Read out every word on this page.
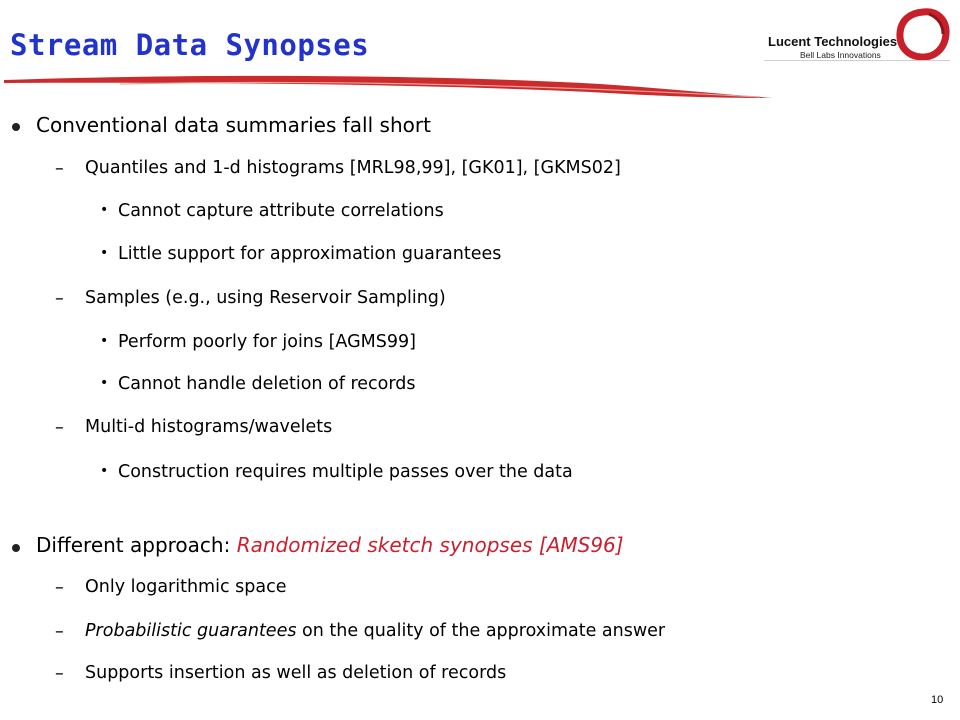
Stream Data Synopses	Lucent Technologies
Bell Labs Innovations
Conventional data summaries fall short
– Quantiles and 1-d histograms [MRL98,99], [GK01], [GKMS02]
• Cannot capture attribute correlations
• Little support for approximation guarantees
– Samples (e.g., using Reservoir Sampling)
• Perform poorly for joins [AGMS99]
• Cannot handle deletion of records
– Multi-d histograms/wavelets
• Construction requires multiple passes over the data
Different approach: Randomized sketch synopses [AMS96]
– Only logarithmic space
– Probabilistic guarantees on the quality of the approximate answer
– Supports insertion as well as deletion of records
10
